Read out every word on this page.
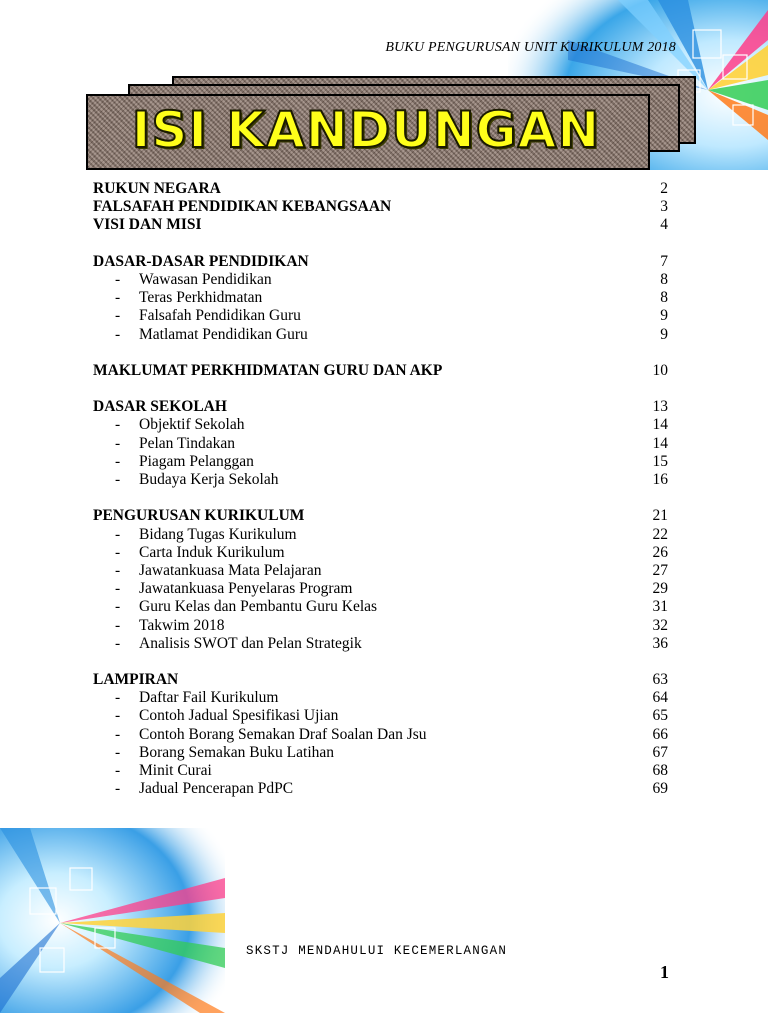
BUKU PENGURUSAN UNIT KURIKULUM 2018
ISI KANDUNGAN
RUKUN NEGARA	2
FALSAFAH PENDIDIKAN KEBANGSAAN	3
VISI DAN MISI	4
DASAR-DASAR PENDIDIKAN	7
- Wawasan Pendidikan	8
- Teras Perkhidmatan	8
- Falsafah Pendidikan Guru	9
- Matlamat Pendidikan Guru	9
MAKLUMAT PERKHIDMATAN GURU DAN AKP	10
DASAR SEKOLAH	13
- Objektif Sekolah	14
- Pelan Tindakan	14
- Piagam Pelanggan	15
- Budaya Kerja Sekolah	16
PENGURUSAN KURIKULUM	21
- Bidang Tugas Kurikulum	22
- Carta Induk Kurikulum	26
- Jawatankuasa Mata Pelajaran	27
- Jawatankuasa Penyelaras Program	29
- Guru Kelas dan Pembantu Guru Kelas	31
- Takwim 2018	32
- Analisis SWOT dan Pelan Strategik	36
LAMPIRAN	63
- Daftar Fail Kurikulum	64
- Contoh Jadual Spesifikasi Ujian	65
- Contoh Borang Semakan Draf Soalan Dan Jsu	66
- Borang Semakan Buku Latihan	67
- Minit Curai	68
- Jadual Pencerapan PdPC	69
SKSTJ MENDAHULUI KECEMERLANGAN
1
